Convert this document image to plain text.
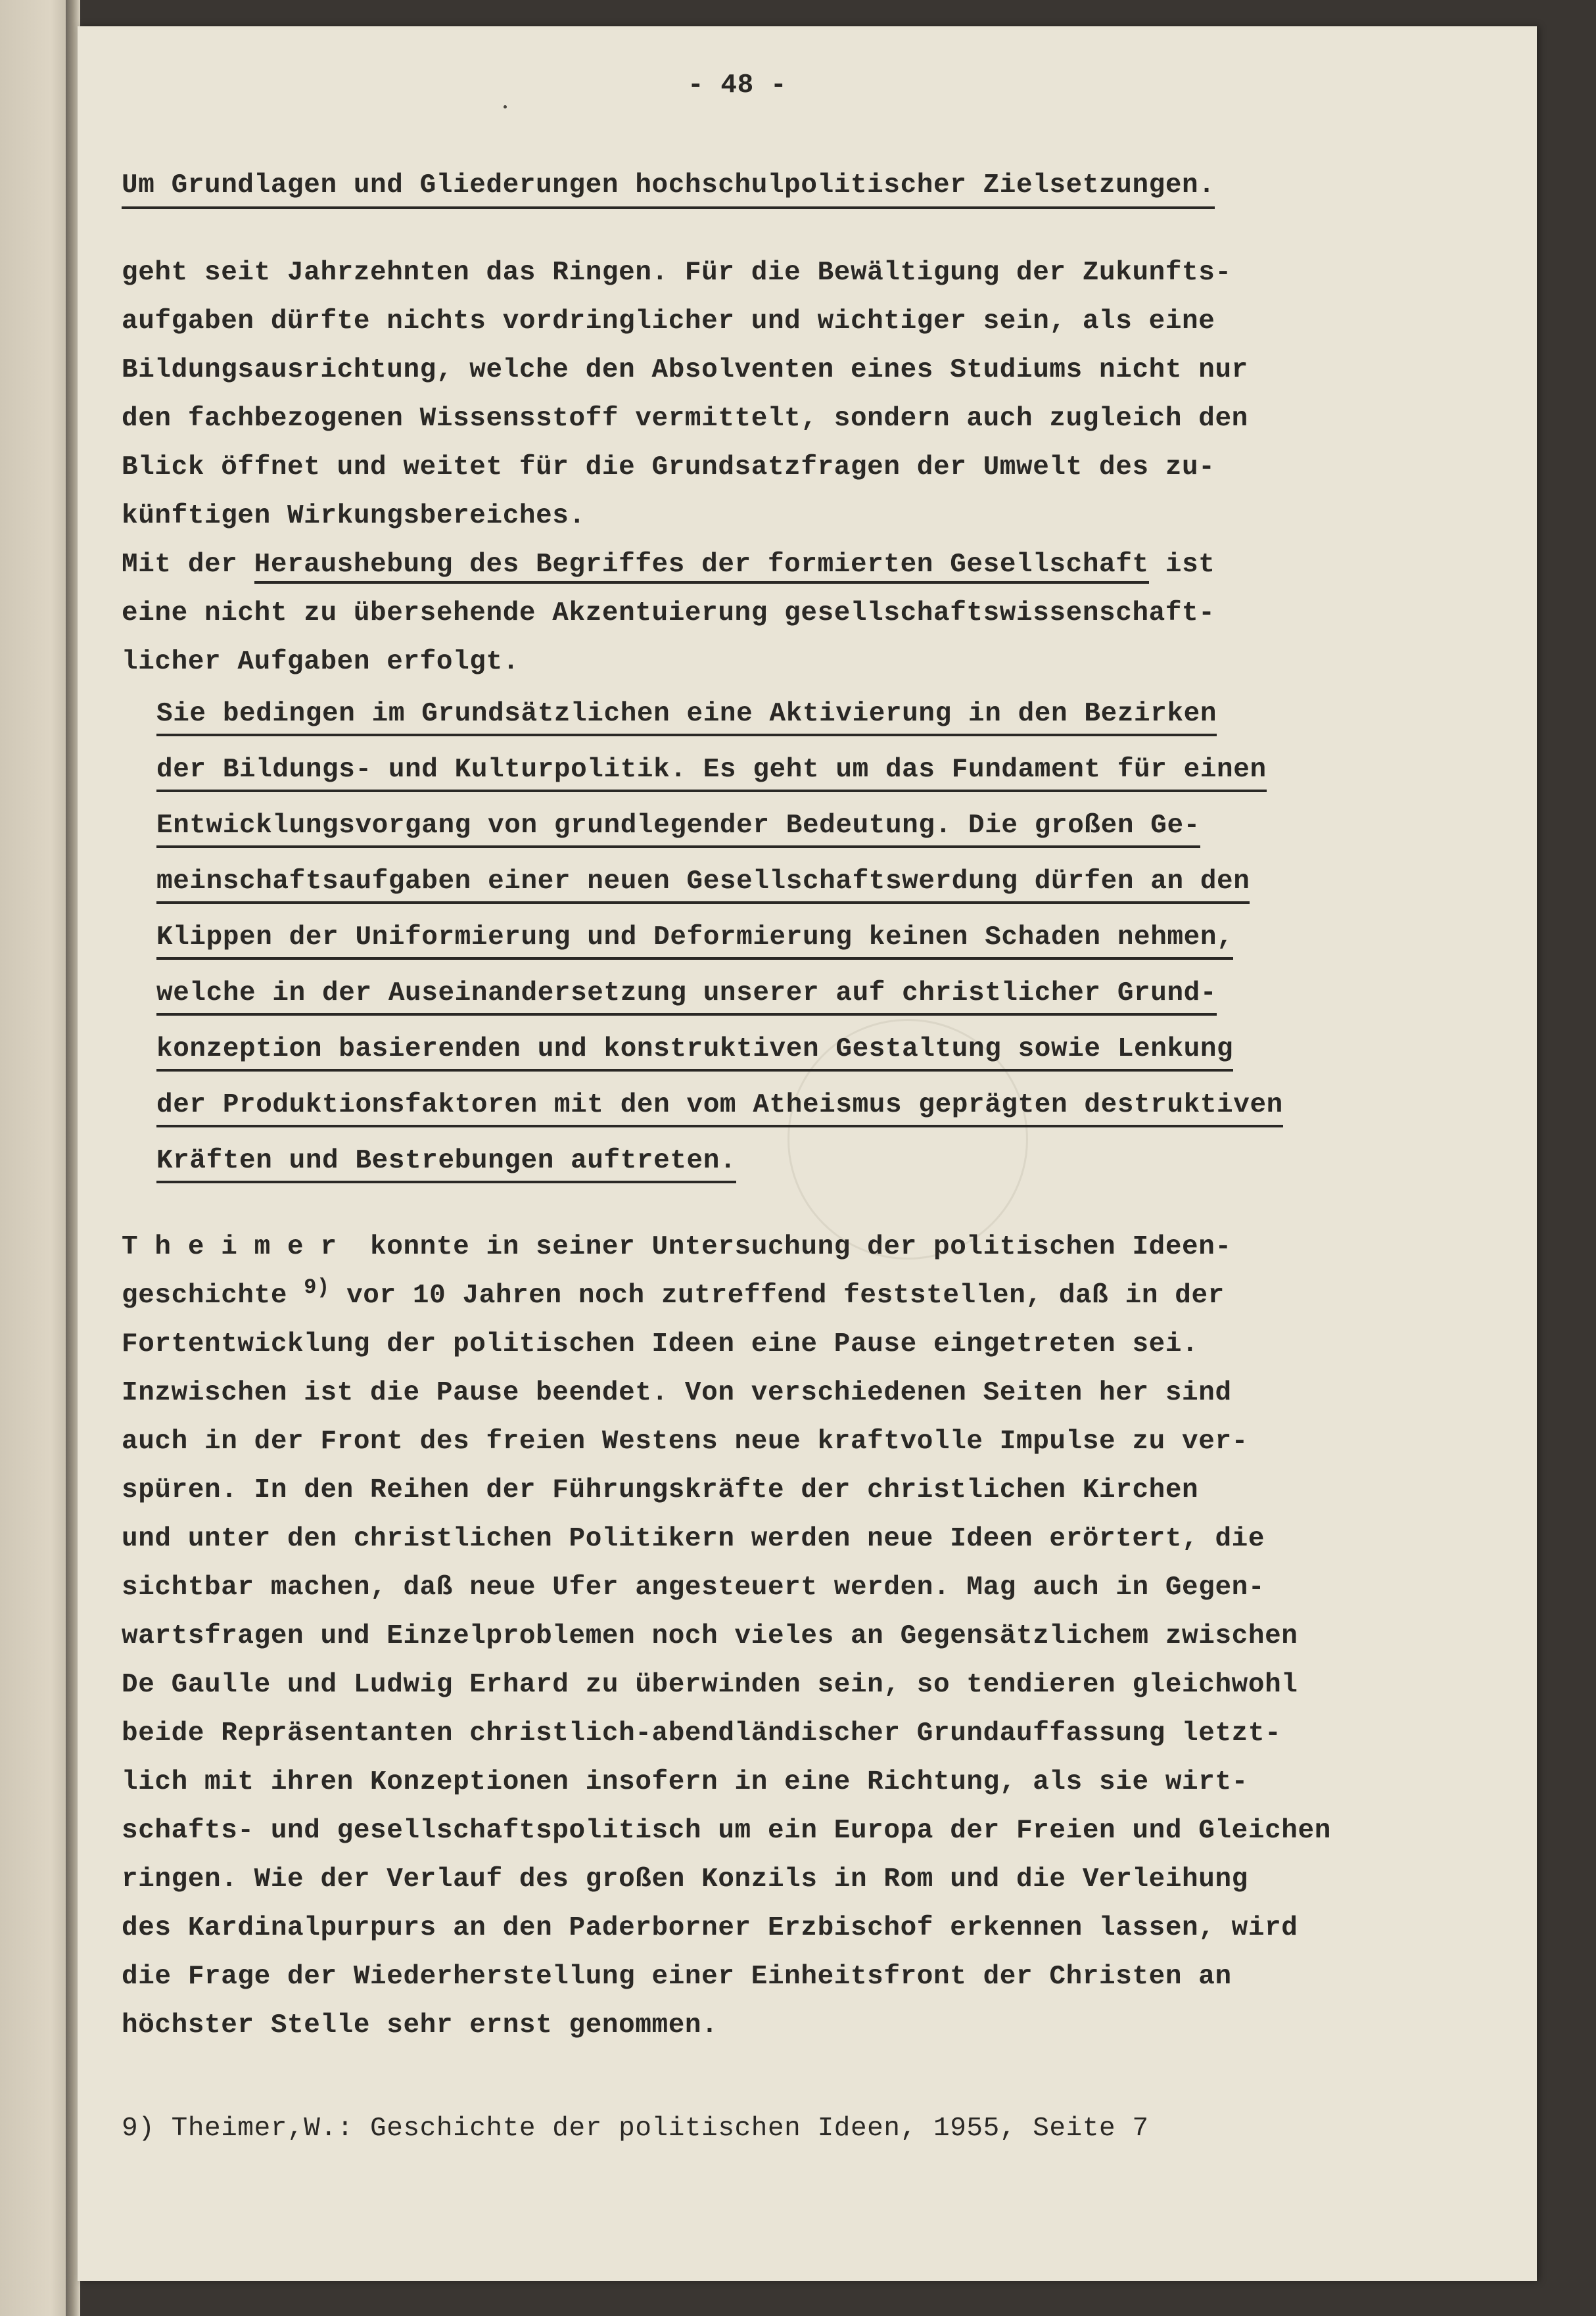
- 48 -
Um Grundlagen und Gliederungen hochschulpolitischer Zielsetzungen.
geht seit Jahrzehnten das Ringen. Für die Bewältigung der Zukunfts-
aufgaben dürfte nichts vordringlicher und wichtiger sein, als eine
Bildungsausrichtung, welche den Absolventen eines Studiums nicht nur
den fachbezogenen Wissensstoff vermittelt, sondern auch zugleich den
Blick öffnet und weitet für die Grundsatzfragen der Umwelt des zu-
künftigen Wirkungsbereiches.
Mit der Heraushebung des Begriffes der formierten Gesellschaft ist
eine nicht zu übersehende Akzentuierung gesellschaftswissenschaft-
licher Aufgaben erfolgt.
Sie bedingen im Grundsätzlichen eine Aktivierung in den Bezirken
der Bildungs- und Kulturpolitik. Es geht um das Fundament für einen
Entwicklungsvorgang von grundlegender Bedeutung. Die großen Ge-
meinschaftsaufgaben einer neuen Gesellschaftswerdung dürfen an den
Klippen der Uniformierung und Deformierung keinen Schaden nehmen,
welche in der Auseinandersetzung unserer auf christlicher Grund-
konzeption basierenden und konstruktiven Gestaltung sowie Lenkung
der Produktionsfaktoren mit den vom Atheismus geprägten destruktiven
Kräften und Bestrebungen auftreten.
T h e i m e r  konnte in seiner Untersuchung der politischen Ideen-
geschichte $^{9)}$ vor 10 Jahren noch zutreffend feststellen, daß in der
Fortentwicklung der politischen Ideen eine Pause eingetreten sei.
Inzwischen ist die Pause beendet. Von verschiedenen Seiten her sind
auch in der Front des freien Westens neue kraftvolle Impulse zu ver-
spüren. In den Reihen der Führungskräfte der christlichen Kirchen
und unter den christlichen Politikern werden neue Ideen erörtert, die
sichtbar machen, daß neue Ufer angesteuert werden. Mag auch in Gegen-
wartsfragen und Einzelproblemen noch vieles an Gegensätzlichem zwischen
De Gaulle und Ludwig Erhard zu überwinden sein, so tendieren gleichwohl
beide Repräsentanten christlich-abendländischer Grundauffassung letzt-
lich mit ihren Konzeptionen insofern in eine Richtung, als sie wirt-
schafts- und gesellschaftspolitisch um ein Europa der Freien und Gleichen
ringen. Wie der Verlauf des großen Konzils in Rom und die Verleihung
des Kardinalpurpurs an den Paderborner Erzbischof erkennen lassen, wird
die Frage der Wiederherstellung einer Einheitsfront der Christen an
höchster Stelle sehr ernst genommen.
9) Theimer,W.: Geschichte der politischen Ideen, 1955, Seite 7
